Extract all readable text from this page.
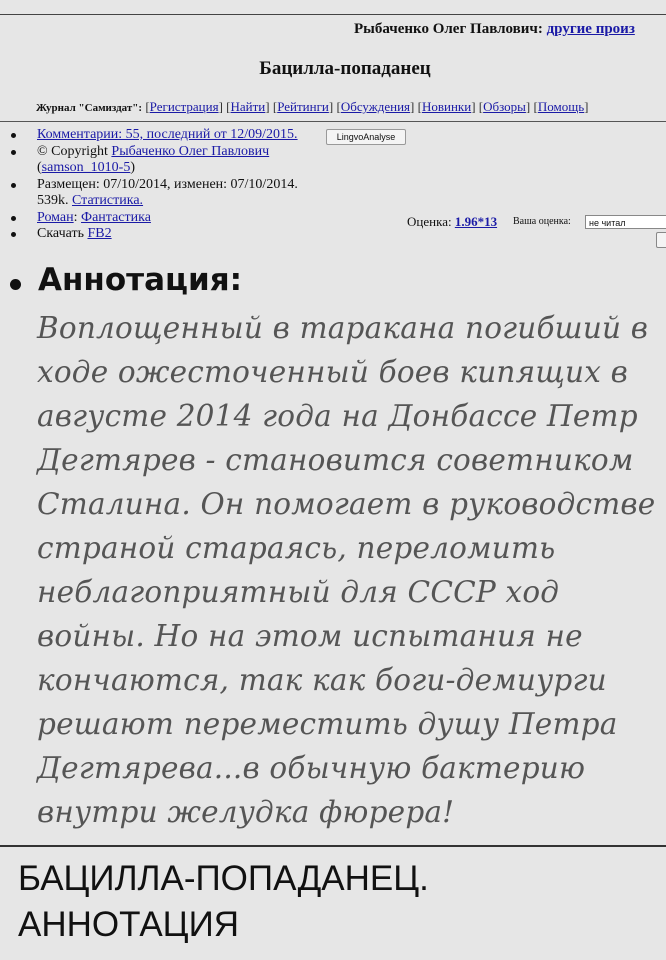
Рыбаченко Олег Павлович: другие произ
Бацилла-попаданец
Журнал "Самиздат": [Регистрация] [Найти] [Рейтинги] [Обсуждения] [Новинки] [Обзоры] [Помощь]
Комментарии: 55, последний от 12/09/2015.
© Copyright Рыбаченко Олег Павлович
(samson_1010-5)
Размещен: 07/10/2014, изменен: 07/10/2014. 539k. Статистика.
Роман: Фантастика
Скачать FB2
LingvoAnalyse
Оценка: 1.96*13 Ваша оценка:	не читал
Аннотация:

Воплощенный в таракана погибший в ходе ожесточенный боев кипящих в августе 2014 года на Донбассе Петр Дегтярев - становится советником Сталина. Он помогает в руководстве страной стараясь, переломить неблагоприятный для СССР ход войны. Но на этом испытания не кончаются, так как боги-демиурги решают переместить душу Петра Дегтярева...в обычную бактерию внутри желудка фюрера!

БАЦИЛЛА-ПОПАДАНЕЦ.
АННОТАЦИЯ
